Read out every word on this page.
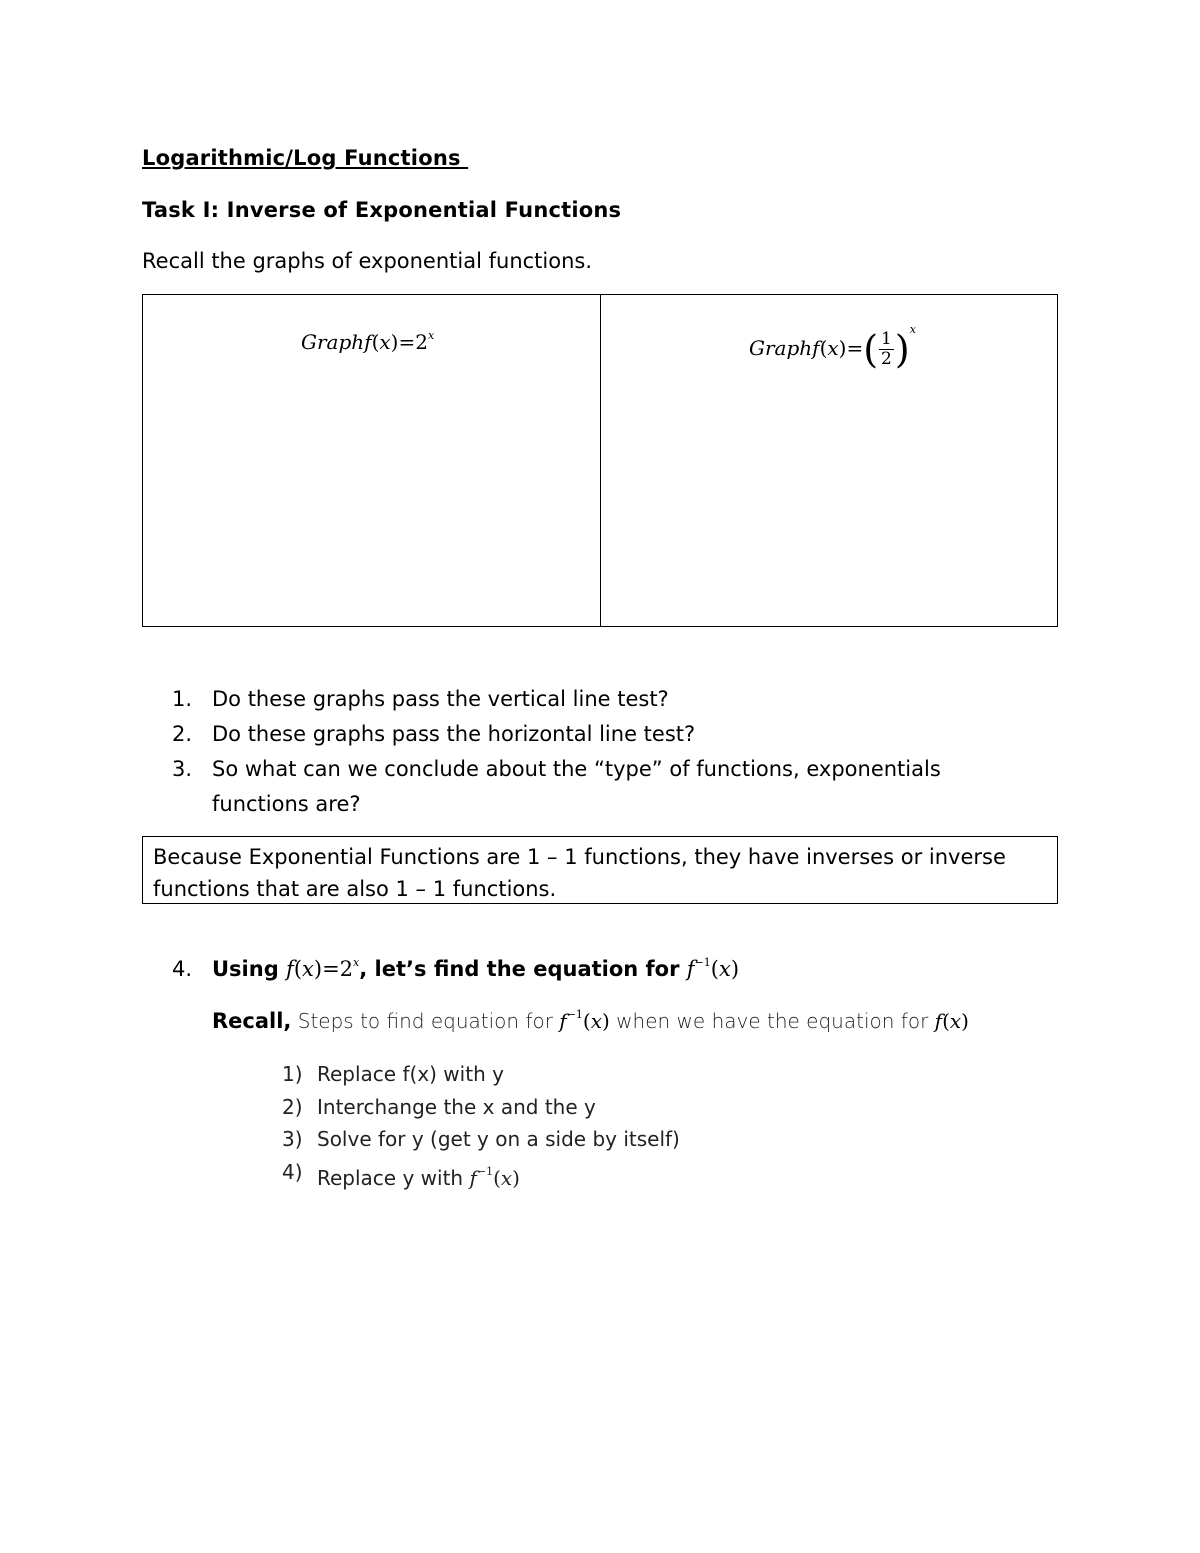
Logarithmic/Log Functions
Task I: Inverse of Exponential Functions
Recall the graphs of exponential functions.
$Graphf(x)=2^x$
Graphf(x)=( $\frac{1}{2} )^x$
1. Do these graphs pass the vertical line test?
2. Do these graphs pass the horizontal line test?
3. So what can we conclude about the “type” of functions, exponentials functions are?
Because Exponential Functions are 1 – 1 functions, they have inverses or inverse functions that are also 1 – 1 functions.
4. Using $f(x)=2^x$, let’s find the equation for $f^{-1}(x)$
Recall, Steps to find equation for $f^{-1}(x)$ when we have the equation for f(x)
1) Replace f(x) with y
2) Interchange the x and the y
3) Solve for y (get y on a side by itself)
4) Replace y with $f^{-1}(x)$
